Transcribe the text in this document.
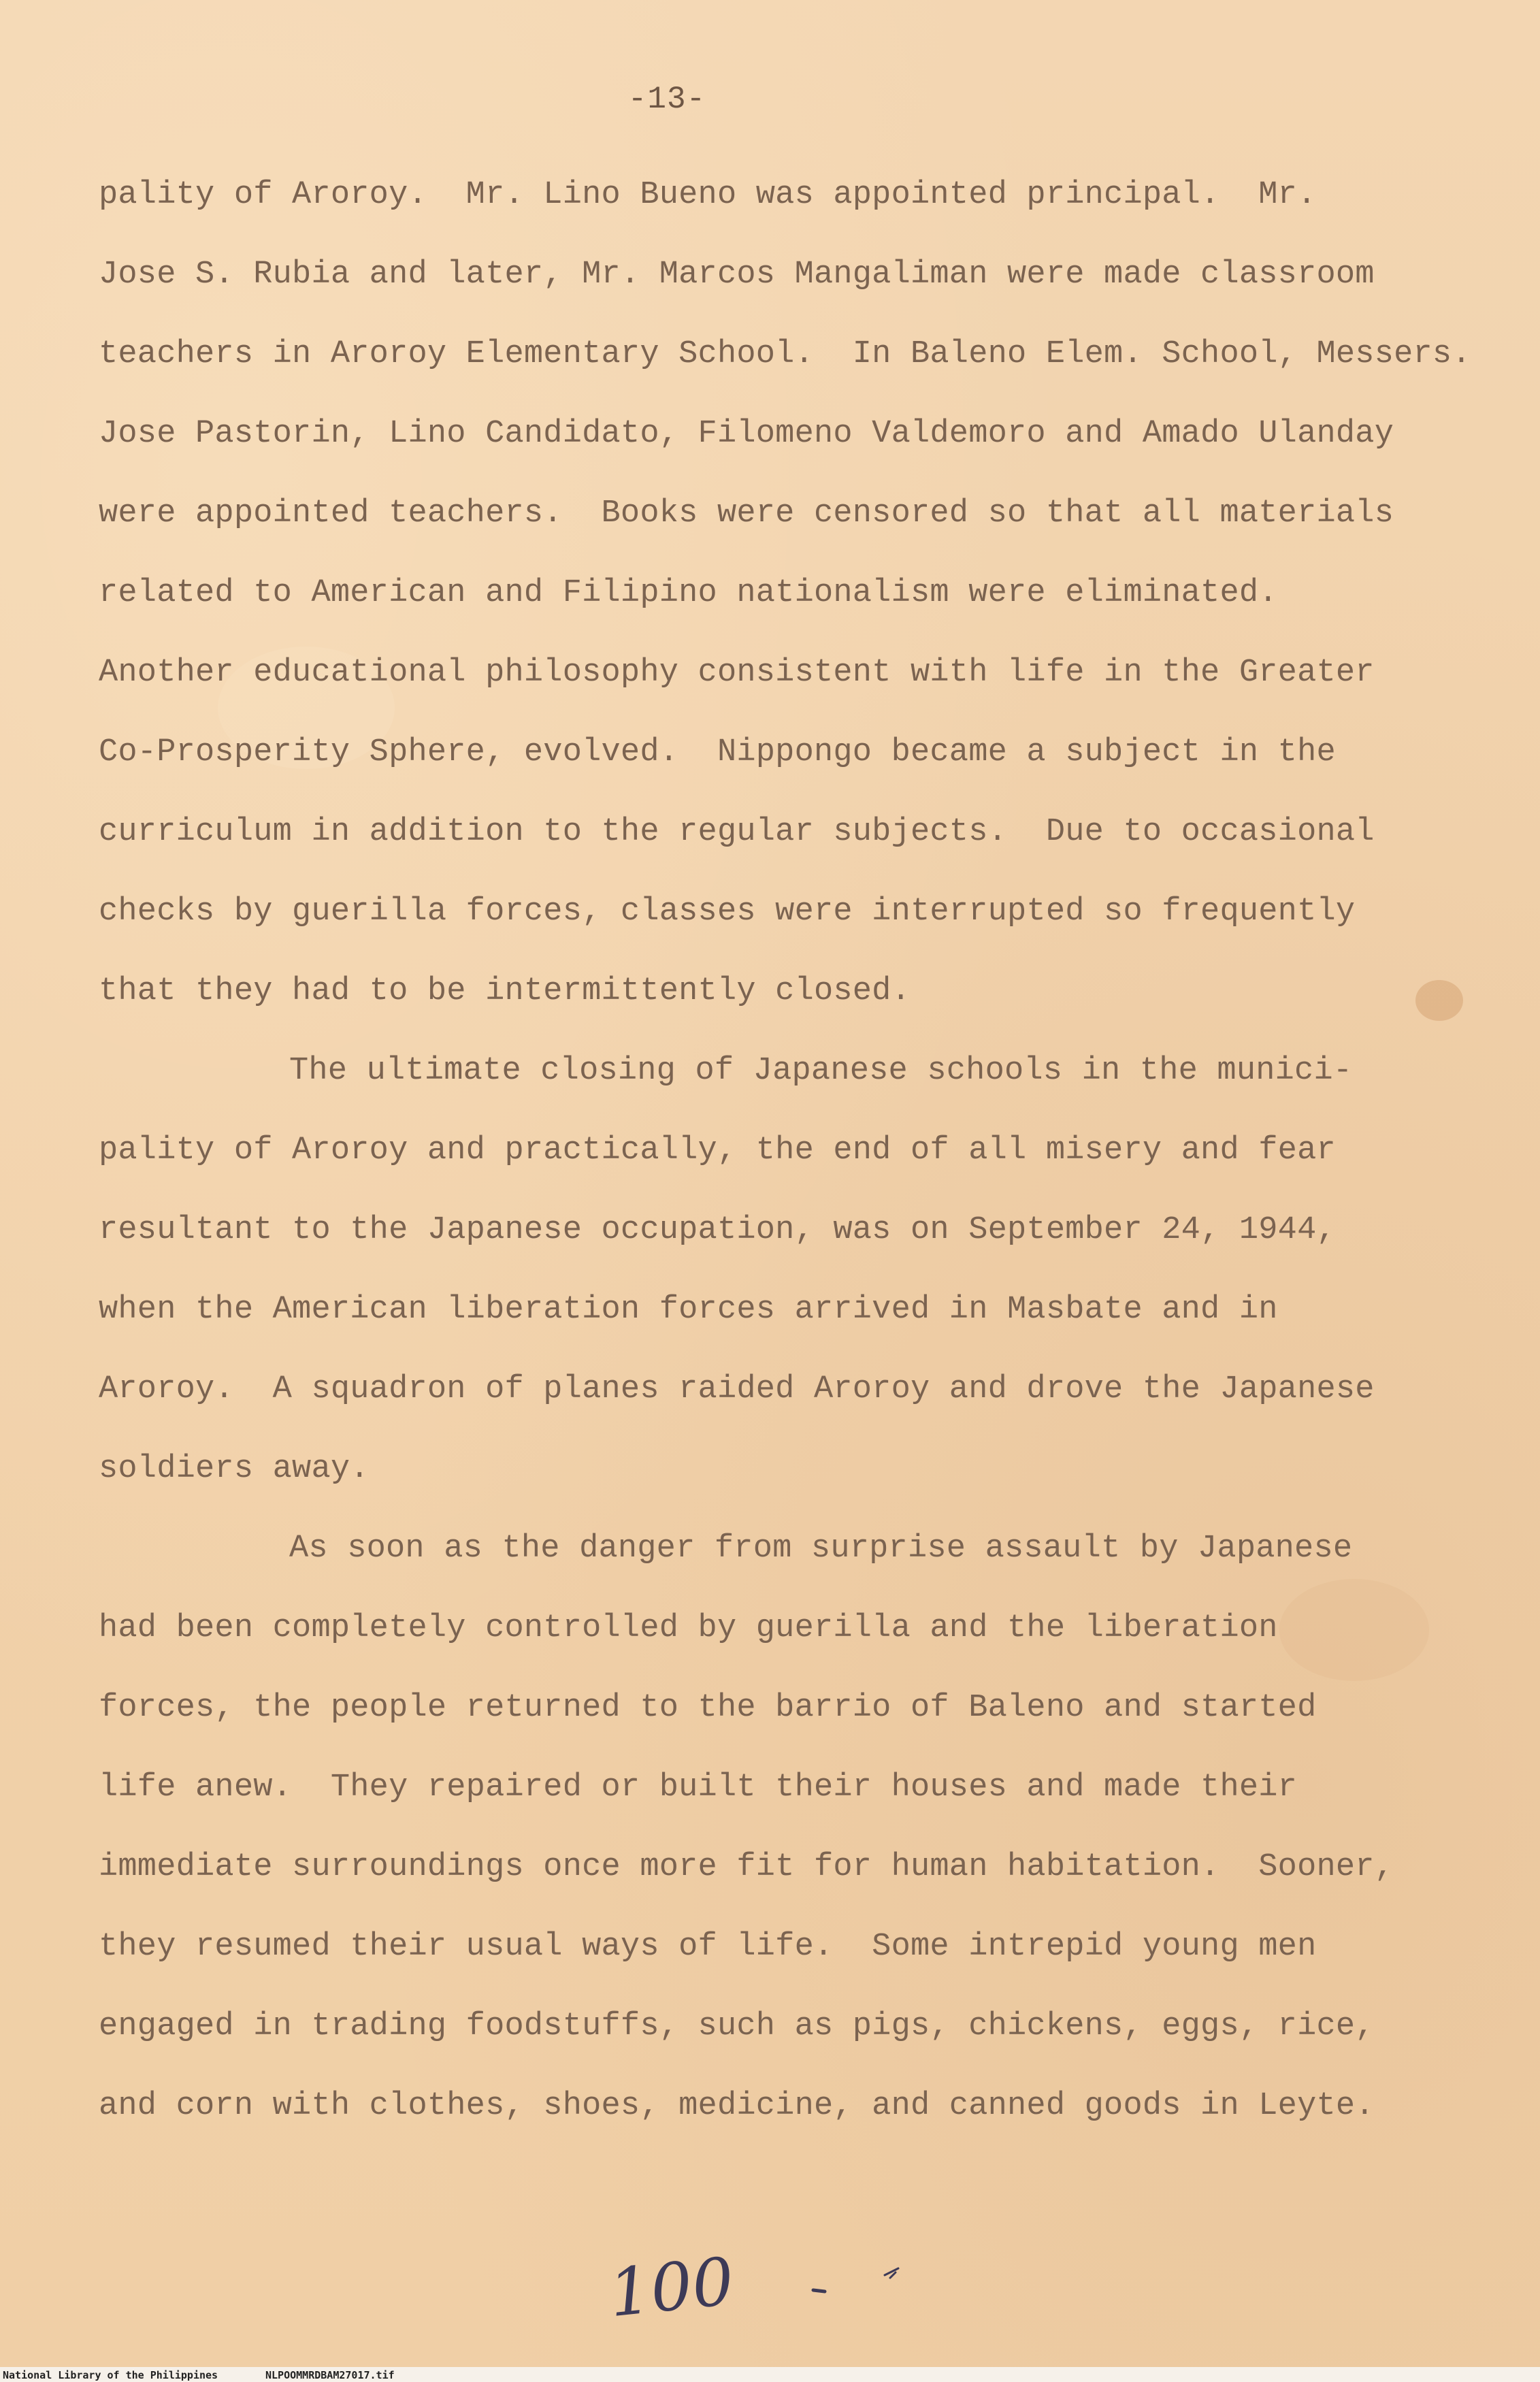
-13-
pality of Aroroy.  Mr. Lino Bueno was appointed principal.  Mr.
Jose S. Rubia and later, Mr. Marcos Mangaliman were made classroom
teachers in Aroroy Elementary School.  In Baleno Elem. School, Messers.
Jose Pastorin, Lino Candidato, Filomeno Valdemoro and Amado Ulanday
were appointed teachers.  Books were censored so that all materials
related to American and Filipino nationalism were eliminated.
Another educational philosophy consistent with life in the Greater
Co-Prosperity Sphere, evolved.  Nippongo became a subject in the
curriculum in addition to the regular subjects.  Due to occasional
checks by guerilla forces, classes were interrupted so frequently
that they had to be intermittently closed.
The ultimate closing of Japanese schools in the munici-
pality of Aroroy and practically, the end of all misery and fear
resultant to the Japanese occupation, was on September 24, 1944,
when the American liberation forces arrived in Masbate and in
Aroroy.  A squadron of planes raided Aroroy and drove the Japanese
soldiers away.
As soon as the danger from surprise assault by Japanese
had been completely controlled by guerilla and the liberation
forces, the people returned to the barrio of Baleno and started
life anew.  They repaired or built their houses and made their
immediate surroundings once more fit for human habitation.  Sooner,
they resumed their usual ways of life.  Some intrepid young men
engaged in trading foodstuffs, such as pigs, chickens, eggs, rice,
and corn with clothes, shoes, medicine, and canned goods in Leyte.
100
National Library of the Philippines	NLPOOMMRDBAM27017.tif
